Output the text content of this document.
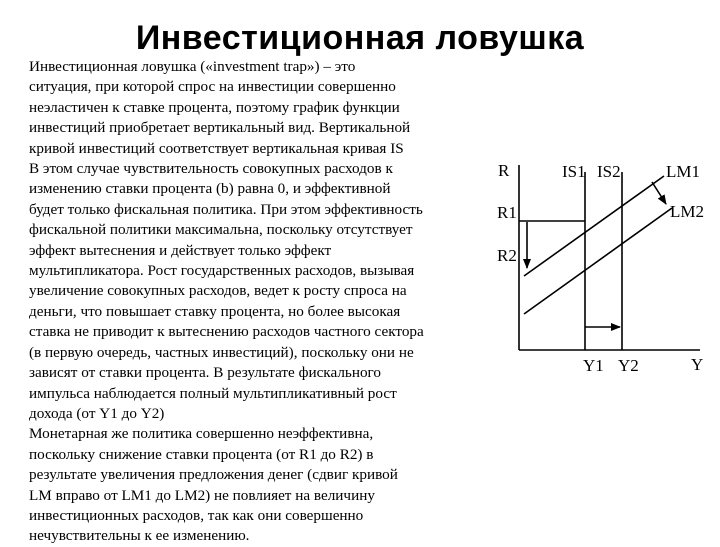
Инвестиционная ловушка
Инвестиционная ловушка («investment trap») – это
ситуация, при которой спрос на инвестиции совершенно
неэластичен к ставке процента, поэтому график функции
инвестиций приобретает вертикальный вид. Вертикальной
кривой инвестиций соответствует вертикальная кривая IS
В этом случае чувствительность совокупных расходов к
изменению ставки процента (b) равна 0, и эффективной
будет только фискальная политика. При этом эффективность
фискальной политики максимальна, поскольку отсутствует
эффект вытеснения и действует только эффект
мультипликатора. Рост государственных расходов, вызывая
увеличение совокупных расходов, ведет к росту спроса на
деньги, что повышает ставку процента, но более высокая
ставка не приводит к вытеснению расходов частного сектора
(в первую очередь, частных инвестиций), поскольку они не
зависят от ставки процента. В результате фискального
импульса наблюдается полный мультипликативный рост
дохода (от Y1 до Y2)
Монетарная же политика совершенно неэффективна,
поскольку снижение ставки процента (от R1 до R2) в
результате увеличения предложения денег (сдвиг кривой
LM вправо от LM1 до LM2) не повлияет на величину
инвестиционных расходов, так как они совершенно
нечувствительны к ее изменению.
R
R1
R2
IS1 IS2	LM1
LM2
Y1 Y2	Y
